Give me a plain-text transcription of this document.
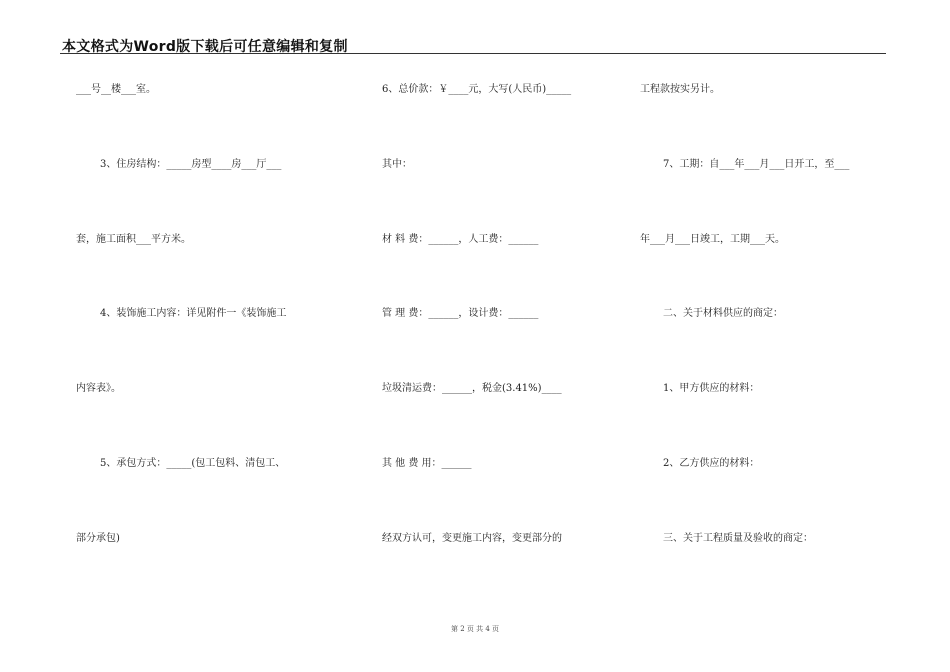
本文格式为Word版下载后可任意编辑和复制
___号__楼___室。
3、住房结构：_____房型____房___厅___
套，施工面积___平方米。
4、装饰施工内容：详见附件一《装饰施工
内容表》。
5、承包方式：_____(包工包料、清包工、
部分承包)
6、总价款：￥____元，大写(人民币)_____
其中：
材 料 费：______，人工费：______
管 理 费：______，设计费：______
垃圾清运费：______，税金(3.41%)____
其 他 费 用：______
经双方认可，变更施工内容，变更部分的
工程款按实另计。
7、工期：自___年___月___日开工，至___
年___月___日竣工，工期___天。
二、关于材料供应的商定：
1、甲方供应的材料：
2、乙方供应的材料：
三、关于工程质量及验收的商定：
第 2 页 共 4 页
